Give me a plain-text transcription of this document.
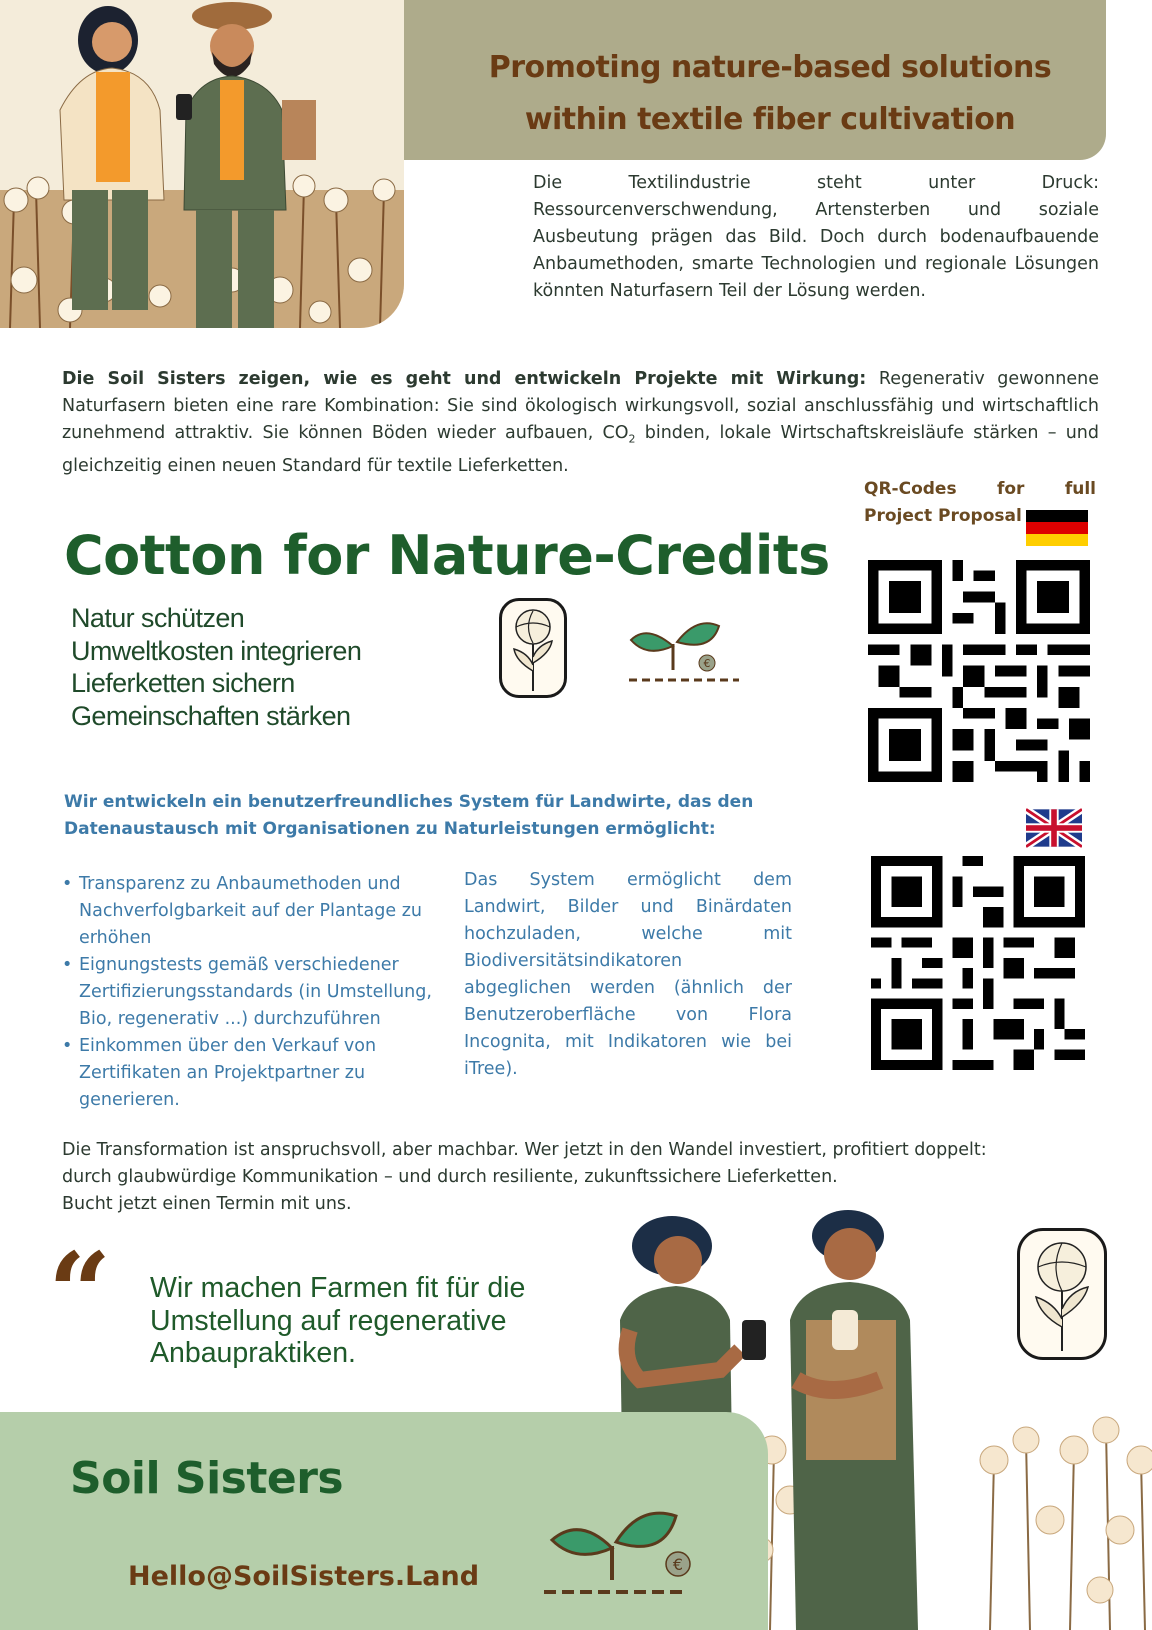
Promoting nature-based solutions
within textile fiber cultivation

Die Textilindustrie steht unter Druck: Ressourcenverschwendung, Artensterben und soziale Ausbeutung prägen das Bild. Doch durch bodenaufbauende Anbaumethoden, smarte Technologien und regionale Lösungen könnten Naturfasern Teil der Lösung werden.

Die Soil Sisters zeigen, wie es geht und entwickeln Projekte mit Wirkung: Regenerativ gewonnene Naturfasern bieten eine rare Kombination: Sie sind ökologisch wirkungsvoll, sozial anschlussfähig und wirtschaftlich zunehmend attraktiv. Sie können Böden wieder aufbauen, $CO_2$ binden, lokale Wirtschaftskreisläufe stärken – und gleichzeitig einen neuen Standard für textile Lieferketten.

QR-Codes for full Project Proposal
Cotton for Nature-Credits
Natur schützen
Umweltkosten integrieren
Lieferketten sichern
Gemeinschaften stärken
€

Wir entwickeln ein benutzerfreundliches System für Landwirte, das den Datenaustausch mit Organisationen zu Naturleistungen ermöglicht:

• Transparenz zu Anbaumethoden und Nachverfolgbarkeit auf der Plantage zu erhöhen
• Eignungstests gemäß verschiedener Zertifizierungsstandards (in Umstellung, Bio, regenerativ ...) durchzuführen
• Einkommen über den Verkauf von Zertifikaten an Projektpartner zu generieren.

Das System ermöglicht dem Landwirt, Bilder und Binärdaten hochzuladen, welche mit Biodiversitätsindikatoren abgeglichen werden (ähnlich der Benutzeroberfläche von Flora Incognita, mit Indikatoren wie bei iTree).

Die Transformation ist anspruchsvoll, aber machbar. Wer jetzt in den Wandel investiert, profitiert doppelt:
durch glaubwürdige Kommunikation – und durch resiliente, zukunftssichere Lieferketten.
Bucht jetzt einen Termin mit uns.
“ Wir machen Farmen fit für die Umstellung auf regenerative Anbaupraktiken.

Soil Sisters
Hello@SoilSisters.Land	€
